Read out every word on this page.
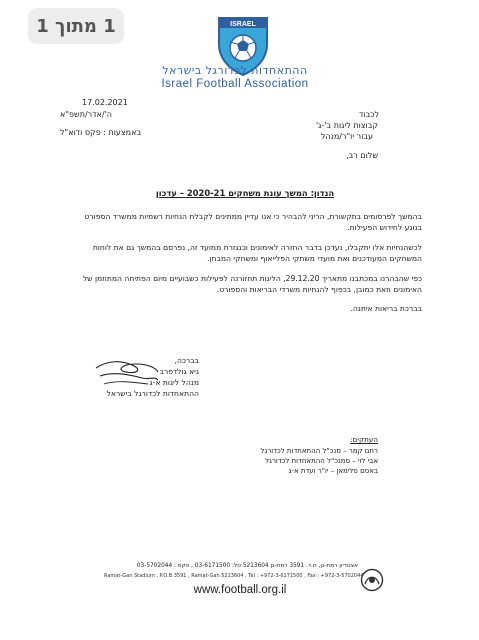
1 מתוך 1	ISRAEL
ההתאחדות לכדורגל בישראל
Israel Football Association
17.02.2021
ה'/אדר/תשפ"א
באמצעות : פקס ודוא"ל
לכבוד
קבוצות ליגות ב'-ג'
עבור יו"ר/מנהל
שלום רב,
הנדון: המשך עונת משחקים 2020-21 – עדכון
בהמשך לפרסומים בתקשורת, הריני להבהיר כי אנו עדיין ממתינים לקבלת הנחיות רשמיות ממשרד הספורט בנוגע לחידוש הפעילות.
לכשהנחיות אלו יתקבלו, נעדכן בדבר החזרה לאימונים וכנגזרת ממועד זה, נפרסם בהמשך גם את לוחות המשחקים המעודכנים ואת מועדי משחקי הפלייאוף ומשחקי המבחן.
כפי שהבהרנו במכתבנו מתאריך 29.12.20, הליגות תחזורנה לפעילות כשבועיים מיום הפתיחה המתוזמן של האימונים וזאת כמובן, בכפוף להנחיות משרדי הבריאות והספורט.
בברכת בריאות איתנה.
בברכה,
גיא גולדפרב
מנהל ליגות א-ג
ההתאחדות לכדורגל בישראל
העתקים:
רתם קמר – מנכ"ל ההתאחדות לכדורגל
אבי לוי – סמנכ"ל ההתאחדות לכדורגל
באסם סלימאן – יו"ר ועדת א-ג
אצטדיון רמת-גן, ת.ד. 3591 רמת-גן 5213604 טל: 03-6171500 , פקס : 03-5702044
Ramat-Gan Stadium , P.O.B 3591 , Ramat-Gan 5213604 , Tel : +972-3-6171500 , Fax : +972-3-5702044
www.football.org.il
